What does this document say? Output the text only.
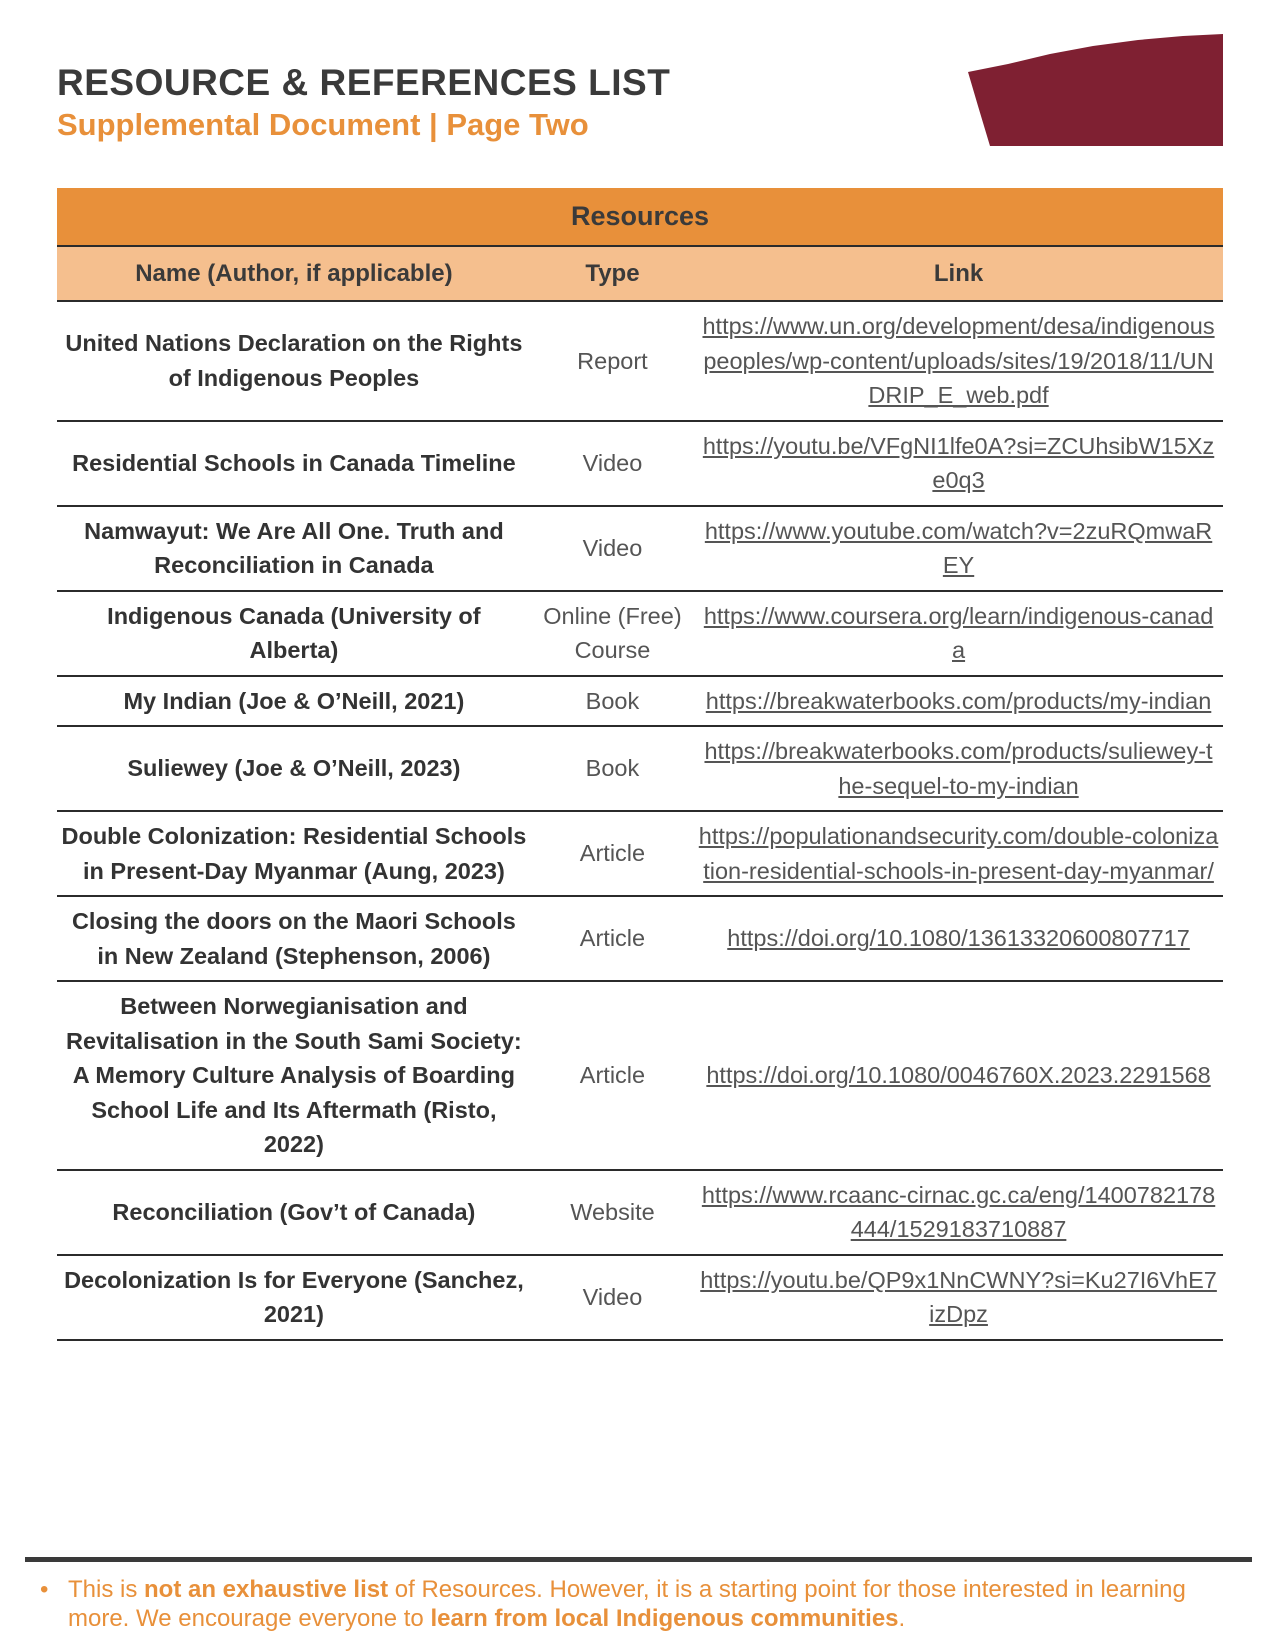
RESOURCE & REFERENCES LIST
Supplemental Document | Page Two
MEMORIAL
Resources		
Name (Author, if applicable)	Type	Link
United Nations Declaration on the Rights of Indigenous Peoples	Report	https://www.un.org/development/desa/indigenouspeoples/wp-content/uploads/sites/19/2018/11/UNDRIP_E_web.pdf
Residential Schools in Canada Timeline	Video	https://youtu.be/VFgNI1lfe0A?si=ZCUhsibW15Xze0q3
Namwayut: We Are All One. Truth and Reconciliation in Canada	Video	https://www.youtube.com/watch?v=2zuRQmwaREY
Indigenous Canada (University of Alberta)	Online (Free) Course	https://www.coursera.org/learn/indigenous-canada
My Indian (Joe & O’Neill, 2021)	Book	https://breakwaterbooks.com/products/my-indian
Suliewey (Joe & O’Neill, 2023)	Book	https://breakwaterbooks.com/products/suliewey-the-sequel-to-my-indian
Double Colonization: Residential Schools in Present-Day Myanmar (Aung, 2023)	Article	https://populationandsecurity.com/double-colonization-residential-schools-in-present-day-myanmar/
Closing the doors on the Maori Schools in New Zealand (Stephenson, 2006)	Article	https://doi.org/10.1080/13613320600807717
Between Norwegianisation and Revitalisation in the South Sami Society: A Memory Culture Analysis of Boarding School Life and Its Aftermath (Risto, 2022)	Article	https://doi.org/10.1080/0046760X.2023.2291568
Reconciliation (Gov’t of Canada)	Website	https://www.rcaanc-cirnac.gc.ca/eng/1400782178444/1529183710887
Decolonization Is for Everyone (Sanchez, 2021)	Video	https://youtu.be/QP9x1NnCWNY?si=Ku27I6VhE7izDpz

• This is not an exhaustive list of Resources. However, it is a starting point for those interested in learning more. We encourage everyone to learn from local Indigenous communities.
